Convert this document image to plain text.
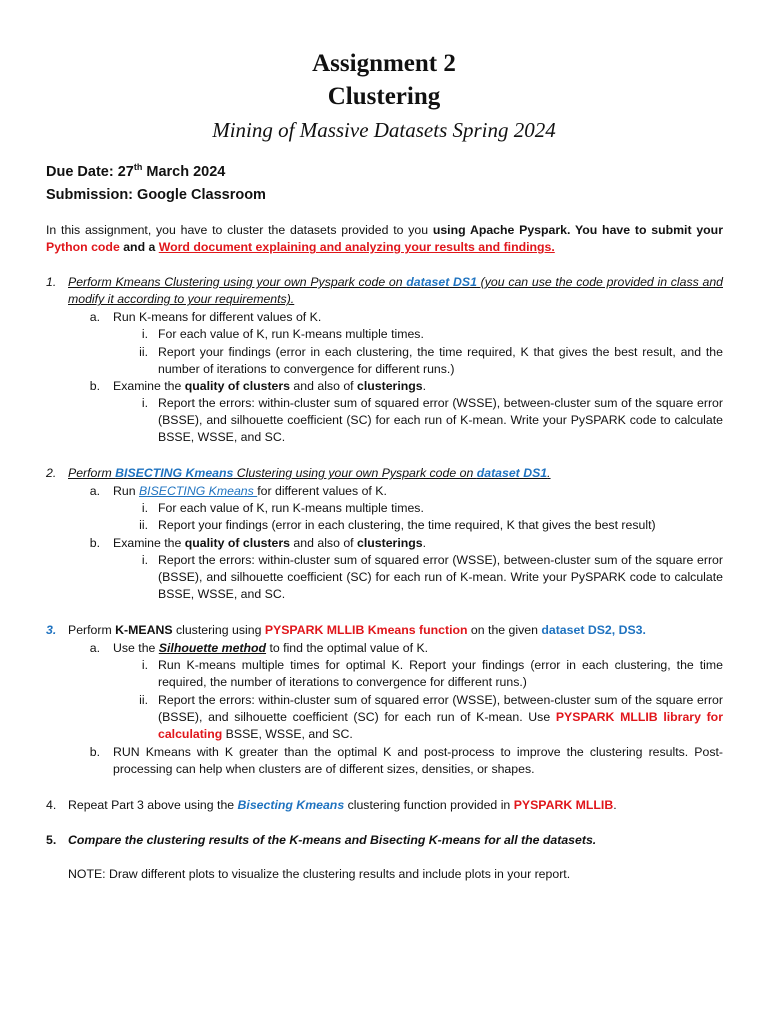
Assignment 2
Clustering
Mining of Massive Datasets Spring 2024
Due Date: 27th March 2024
Submission: Google Classroom
In this assignment, you have to cluster the datasets provided to you using Apache Pyspark. You have to submit your Python code and a Word document explaining and analyzing your results and findings.
1. Perform Kmeans Clustering using your own Pyspark code on dataset DS1 (you can use the code provided in class and modify it according to your requirements).
a. Run K-means for different values of K.
i. For each value of K, run K-means multiple times.
ii. Report your findings (error in each clustering, the time required, K that gives the best result, and the number of iterations to convergence for different runs.)
b. Examine the quality of clusters and also of clusterings.
i. Report the errors: within-cluster sum of squared error (WSSE), between-cluster sum of the square error (BSSE), and silhouette coefficient (SC) for each run of K-mean. Write your PySPARK code to calculate BSSE, WSSE, and SC.
2. Perform BISECTING Kmeans Clustering using your own Pyspark code on dataset DS1.
a. Run BISECTING Kmeans for different values of K.
i. For each value of K, run K-means multiple times.
ii. Report your findings (error in each clustering, the time required, K that gives the best result)
b. Examine the quality of clusters and also of clusterings.
i. Report the errors: within-cluster sum of squared error (WSSE), between-cluster sum of the square error (BSSE), and silhouette coefficient (SC) for each run of K-mean. Write your PySPARK code to calculate BSSE, WSSE, and SC.
3. Perform K-MEANS clustering using PYSPARK MLLIB Kmeans function on the given dataset DS2, DS3.
a. Use the Silhouette method to find the optimal value of K.
i. Run K-means multiple times for optimal K. Report your findings (error in each clustering, the time required, the number of iterations to convergence for different runs.)
ii. Report the errors: within-cluster sum of squared error (WSSE), between-cluster sum of the square error (BSSE), and silhouette coefficient (SC) for each run of K-mean. Use PYSPARK MLLIB library for calculating BSSE, WSSE, and SC.
b. RUN Kmeans with K greater than the optimal K and post-process to improve the clustering results. Post-processing can help when clusters are of different sizes, densities, or shapes.
4. Repeat Part 3 above using the Bisecting Kmeans clustering function provided in PYSPARK MLLIB.
5. Compare the clustering results of the K-means and Bisecting K-means for all the datasets.
NOTE: Draw different plots to visualize the clustering results and include plots in your report.
